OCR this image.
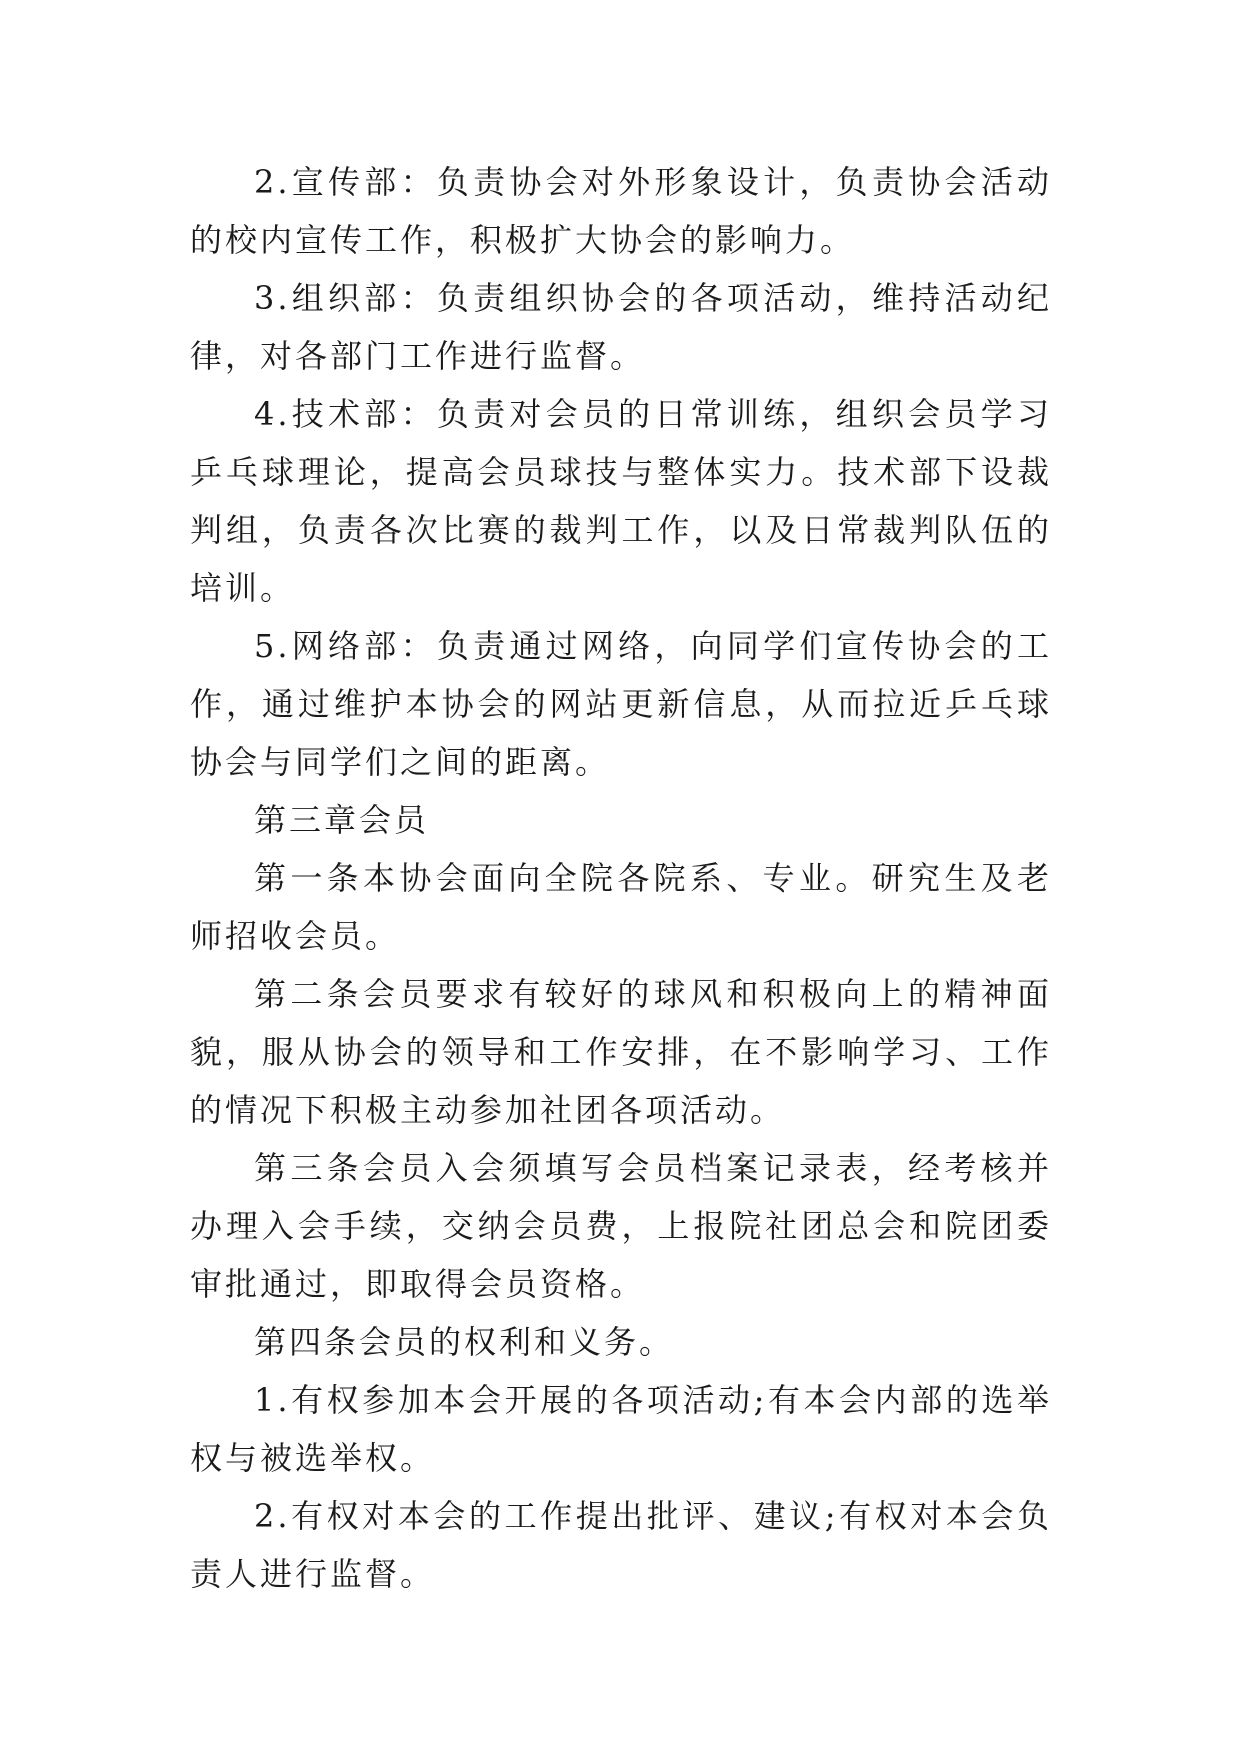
2.宣传部：负责协会对外形象设计，负责协会活动的校内宣传工作，积极扩大协会的影响力。

3.组织部：负责组织协会的各项活动，维持活动纪律，对各部门工作进行监督。

4.技术部：负责对会员的日常训练，组织会员学习乒乓球理论，提高会员球技与整体实力。技术部下设裁判组，负责各次比赛的裁判工作，以及日常裁判队伍的培训。

5.网络部：负责通过网络，向同学们宣传协会的工作，通过维护本协会的网站更新信息，从而拉近乒乓球协会与同学们之间的距离。

第三章会员

第一条本协会面向全院各院系、专业。研究生及老师招收会员。

第二条会员要求有较好的球风和积极向上的精神面貌，服从协会的领导和工作安排，在不影响学习、工作的情况下积极主动参加社团各项活动。

第三条会员入会须填写会员档案记录表，经考核并办理入会手续，交纳会员费，上报院社团总会和院团委审批通过，即取得会员资格。

第四条会员的权利和义务。

1.有权参加本会开展的各项活动;有本会内部的选举权与被选举权。

2.有权对本会的工作提出批评、建议;有权对本会负责人进行监督。
